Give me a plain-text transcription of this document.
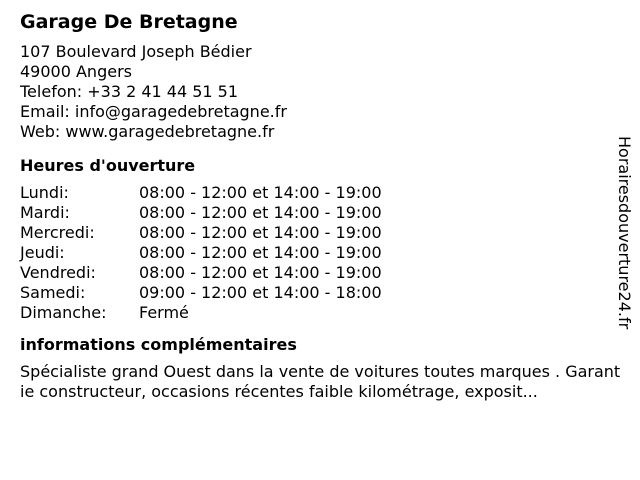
Garage De Bretagne
107 Boulevard Joseph Bédier
49000 Angers
Telefon: +33 2 41 44 51 51
Email: info@garagedebretagne.fr
Web: www.garagedebretagne.fr
Heures d'ouverture
Lundi:	08:00 - 12:00 et 14:00 - 19:00
Mardi:	08:00 - 12:00 et 14:00 - 19:00
Mercredi:	08:00 - 12:00 et 14:00 - 19:00
Jeudi:	08:00 - 12:00 et 14:00 - 19:00
Vendredi:	08:00 - 12:00 et 14:00 - 19:00
Samedi:	09:00 - 12:00 et 14:00 - 18:00
Dimanche: Fermé
informations complémentaires
Spécialiste grand Ouest dans la vente de voitures toutes marques . Garantie constructeur, occasions récentes faible kilométrage, exposit...
Horairesdouverture24.fr
